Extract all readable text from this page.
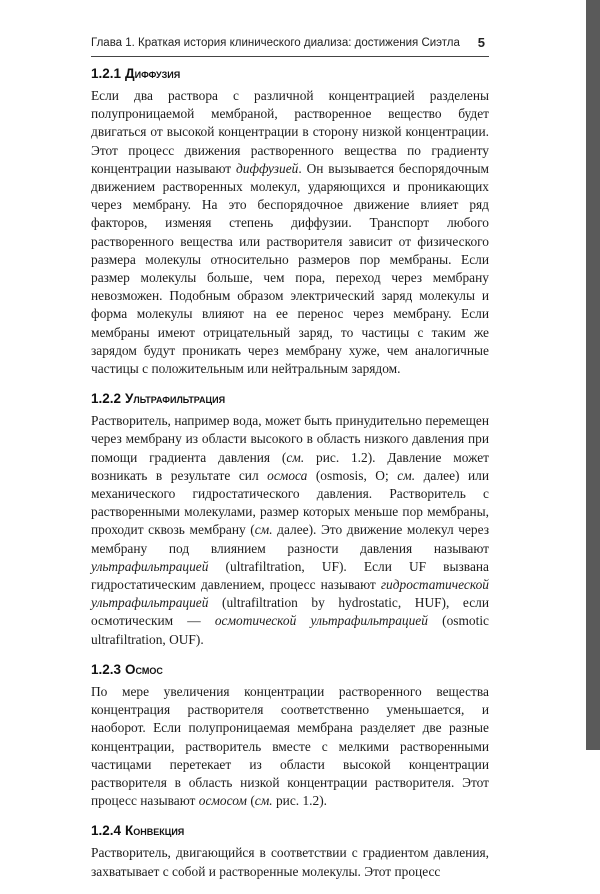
Глава 1. Краткая история клинического диализа: достижения Сиэтла 5
1.2.1 Диффузия

Если два раствора с различной концентрацией разделены полупроницаемой мембраной, растворенное вещество будет двигаться от высокой концентрации в сторону низкой концентрации. Этот процесс движения растворенного вещества по градиенту концентрации называют диффузией. Он вызывается беспорядочным движением растворенных молекул, ударяющихся и проникающих через мембрану. На это беспорядочное движение влияет ряд факторов, изменяя степень диффузии. Транспорт любого растворенного вещества или растворителя зависит от физического размера молекулы относительно размеров пор мембраны. Если размер молекулы больше, чем пора, переход через мембрану невозможен. Подобным образом электрический заряд молекулы и форма молекулы влияют на ее перенос через мембрану. Если мембраны имеют отрицательный заряд, то частицы с таким же зарядом будут проникать через мембрану хуже, чем аналогичные частицы с положительным или нейтральным зарядом.

1.2.2 Ультрафильтрация

Растворитель, например вода, может быть принудительно перемещен через мембрану из области высокого в область низкого давления при помощи градиента давления (см. рис. 1.2). Давление может возникать в результате сил осмоса (osmosis, O; см. далее) или механического гидростатического давления. Растворитель с растворенными молекулами, размер которых меньше пор мембраны, проходит сквозь мембрану (см. далее). Это движение молекул через мембрану под влиянием разности давления называют ультрафильтрацией (ultrafiltration, UF). Если UF вызвана гидростатическим давлением, процесс называют гидростатической ультрафильтрацией (ultrafiltration by hydrostatic, HUF), если осмотическим — осмотической ультрафильтрацией (osmotic ultrafiltration, OUF).

1.2.3 Осмос

По мере увеличения концентрации растворенного вещества концентрация растворителя соответственно уменьшается, и наоборот. Если полупроницаемая мембрана разделяет две разные концентрации, растворитель вместе с мелкими растворенными частицами перетекает из области высокой концентрации растворителя в область низкой концентрации растворителя. Этот процесс называют осмосом (см. рис. 1.2).

1.2.4 Конвекция

Растворитель, двигающийся в соответствии с градиентом давления, захватывает с собой и растворенные молекулы. Этот процесс
